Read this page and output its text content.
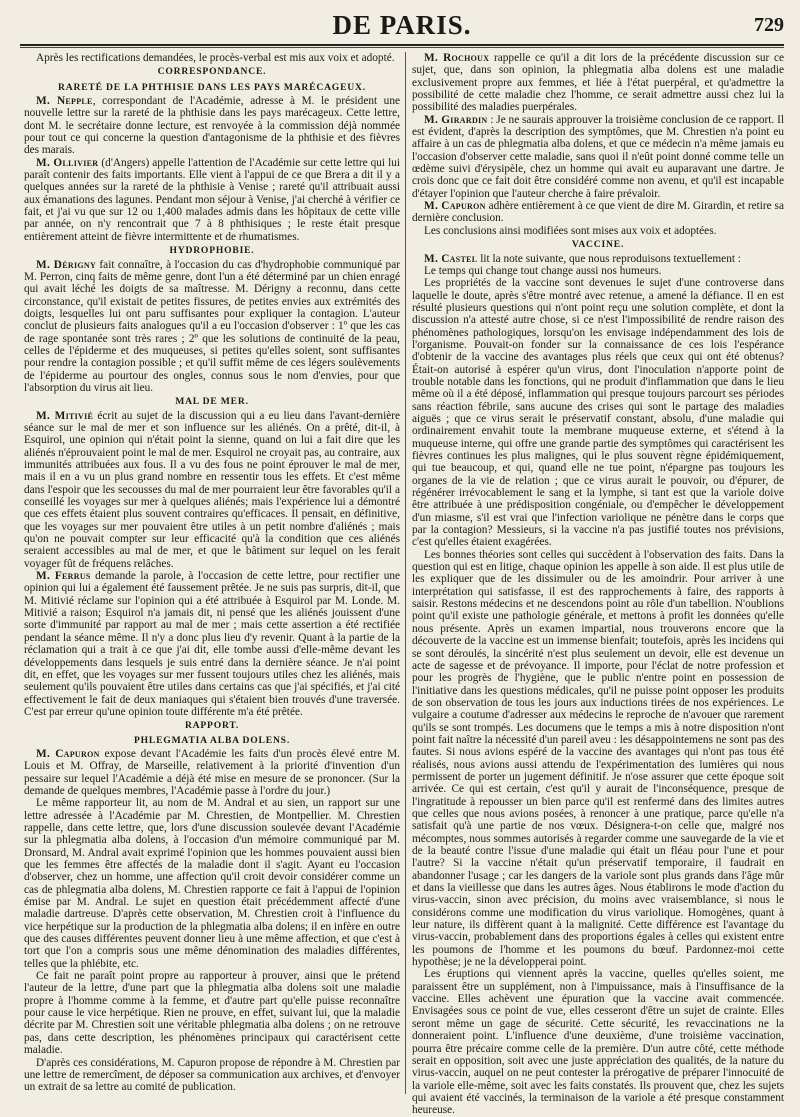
DE PARIS.	729

Après les rectifications demandées, le procès-verbal est mis aux voix et adopté.

CORRESPONDANCE.
RARETÉ DE LA PHTHISIE DANS LES PAYS MARÉCAGEUX.

M. Nepple, correspondant de l'Académie, adresse à M. le président une nouvelle lettre sur la rareté de la phthisie dans les pays marécageux. Cette lettre, dont M. le secrétaire donne lecture, est renvoyée à la commission déjà nommée pour tout ce qui concerne la question d'antagonisme de la phthisie et des fièvres des marais.

M. Ollivier (d'Angers) appelle l'attention de l'Académie sur cette lettre qui lui paraît contenir des faits importants. Elle vient à l'appui de ce que Brera a dit il y a quelques années sur la rareté de la phthisie à Venise ; rareté qu'il attribuait aussi aux émanations des lagunes. Pendant mon séjour à Venise, j'ai cherché à vérifier ce fait, et j'ai vu que sur 12 ou 1,400 malades admis dans les hôpitaux de cette ville par année, on n'y rencontrait que 7 à 8 phthisiques ; le reste était presque entièrement atteint de fièvre intermittente et de rhumatismes.

HYDROPHOBIE.

M. Dérigny fait connaître, à l'occasion du cas d'hydrophobie communiqué par M. Perron, cinq faits de même genre, dont l'un a été déterminé par un chien enragé qui avait léché les doigts de sa maîtresse. M. Dérigny a reconnu, dans cette circonstance, qu'il existait de petites fissures, de petites envies aux extrémités des doigts, lesquelles lui ont paru suffisantes pour expliquer la contagion. L'auteur conclut de plusieurs faits analogues qu'il a eu l'occasion d'observer : 1º que les cas de rage spontanée sont très rares ; 2º que les solutions de continuité de la peau, celles de l'épiderme et des muqueuses, si petites qu'elles soient, sont suffisantes pour rendre la contagion possible ; et qu'il suffit même de ces légers soulèvements de l'épiderme au pourtour des ongles, connus sous le nom d'envies, pour que l'absorption du virus ait lieu.

MAL DE MER.

M. Mitivié écrit au sujet de la discussion qui a eu lieu dans l'avant-dernière séance sur le mal de mer et son influence sur les aliénés. On a prêté, dit-il, à Esquirol, une opinion qui n'était point la sienne, quand on lui a fait dire que les aliénés n'éprouvaient point le mal de mer. Esquirol ne croyait pas, au contraire, aux immunités attribuées aux fous. Il a vu des fous ne point éprouver le mal de mer, mais il en a vu un plus grand nombre en ressentir tous les effets. Et c'est même dans l'espoir que les secousses du mal de mer pourraient leur être favorables qu'il a conseillé les voyages sur mer à quelques aliénés; mais l'expérience lui a démontré que ces effets étaient plus souvent contraires qu'efficaces. Il pensait, en définitive, que les voyages sur mer pouvaient être utiles à un petit nombre d'aliénés ; mais qu'on ne pouvait compter sur leur efficacité qu'à la condition que ces aliénés seraient accessibles au mal de mer, et que le bâtiment sur lequel on les ferait voyager fût de fréquens relâches.

M. Ferrus demande la parole, à l'occasion de cette lettre, pour rectifier une opinion qui lui a également été faussement prêtée. Je ne suis pas surpris, dit-il, que M. Mitivié réclame sur l'opinion qui a été attribuée à Esquirol par M. Londe. M. Mitivié a raison; Esquirol n'a jamais dit, ni pensé que les aliénés jouissent d'une sorte d'immunité par rapport au mal de mer ; mais cette assertion a été rectifiée pendant la séance même. Il n'y a donc plus lieu d'y revenir. Quant à la partie de la réclamation qui a trait à ce que j'ai dit, elle tombe aussi d'elle-même devant les développements dans lesquels je suis entré dans la dernière séance. Je n'ai point dit, en effet, que les voyages sur mer fussent toujours utiles chez les aliénés, mais seulement qu'ils pouvaient être utiles dans certains cas que j'ai spécifiés, et j'ai cité effectivement le fait de deux maniaques qui s'étaient bien trouvés d'une traversée. C'est par erreur qu'une opinion toute différente m'a été prêtée.

RAPPORT.
PHLEGMATIA ALBA DOLENS.

M. Capuron expose devant l'Académie les faits d'un procès élevé entre M. Louis et M. Offray, de Marseille, relativement à la priorité d'invention d'un pessaire sur lequel l'Académie a déjà été mise en mesure de se prononcer. (Sur la demande de quelques membres, l'Académie passe à l'ordre du jour.)

Le même rapporteur lit, au nom de M. Andral et au sien, un rapport sur une lettre adressée à l'Académie par M. Chrestien, de Montpellier. M. Chrestien rappelle, dans cette lettre, que, lors d'une discussion soulevée devant l'Académie sur la phlegmatia alba dolens, à l'occasion d'un mémoire communiqué par M. Dronsard, M. Andral avait exprimé l'opinion que les hommes pouvaient aussi bien que les femmes être affectés de la maladie dont il s'agit. Ayant eu l'occasion d'observer, chez un homme, une affection qu'il croit devoir considérer comme un cas de phlegmatia alba dolens, M. Chrestien rapporte ce fait à l'appui de l'opinion émise par M. Andral. Le sujet en question était précédemment affecté d'une maladie dartreuse. D'après cette observation, M. Chrestien croit à l'influence du vice herpétique sur la production de la phlegmatia alba dolens; il en infère en outre que des causes différentes peuvent donner lieu à une même affection, et que c'est à tort que l'on a compris sous une même dénomination des maladies différentes, telles que la phlébite, etc.

Ce fait ne paraît point propre au rapporteur à prouver, ainsi que le prétend l'auteur de la lettre, d'une part que la phlegmatia alba dolens soit une maladie propre à l'homme comme à la femme, et d'autre part qu'elle puisse reconnaître pour cause le vice herpétique. Rien ne prouve, en effet, suivant lui, que la maladie décrite par M. Chrestien soit une véritable phlegmatia alba dolens ; on ne retrouve pas, dans cette description, les phénomènes principaux qui caractérisent cette maladie.

D'après ces considérations, M. Capuron propose de répondre à M. Chrestien par une lettre de remercîment, de déposer sa communication aux archives, et d'envoyer un extrait de sa lettre au comité de publication.

M. Rochoux rappelle ce qu'il a dit lors de la précédente discussion sur ce sujet, que, dans son opinion, la phlegmatia alba dolens est une maladie exclusivement propre aux femmes, et liée à l'état puerpéral, et qu'admettre la possibilité de cette maladie chez l'homme, ce serait admettre aussi chez lui la possibilité des maladies puerpérales.

M. Girardin : Je ne saurais approuver la troisième conclusion de ce rapport. Il est évident, d'après la description des symptômes, que M. Chrestien n'a point eu affaire à un cas de phlegmatia alba dolens, et que ce médecin n'a même jamais eu l'occasion d'observer cette maladie, sans quoi il n'eût point donné comme telle un œdème suivi d'érysipèle, chez un homme qui avait eu auparavant une dartre. Je crois donc que ce fait doit être considéré comme non avenu, et qu'il est incapable d'étayer l'opinion que l'auteur cherche à faire prévaloir.

M. Capuron adhère entièrement à ce que vient de dire M. Girardin, et retire sa dernière conclusion.

Les conclusions ainsi modifiées sont mises aux voix et adoptées.

VACCINE.

M. Castel lit la note suivante, que nous reproduisons textuellement :

Le temps qui change tout change aussi nos humeurs.

Les propriétés de la vaccine sont devenues le sujet d'une controverse dans laquelle le doute, après s'être montré avec retenue, a amené la défiance. Il en est résulté plusieurs questions qui n'ont point reçu une solution complète, et dont la discussion n'a attesté autre chose, si ce n'est l'impossibilité de rendre raison des phénomènes pathologiques, lorsqu'on les envisage indépendamment des lois de l'organisme. Pouvait-on fonder sur la connaissance de ces lois l'espérance d'obtenir de la vaccine des avantages plus réels que ceux qui ont été obtenus? Était-on autorisé à espérer qu'un virus, dont l'inoculation n'apporte point de trouble notable dans les fonctions, qui ne produit d'inflammation que dans le lieu même où il a été déposé, inflammation qui presque toujours parcourt ses périodes sans réaction fébrile, sans aucune des crises qui sont le partage des maladies aiguës ; que ce virus serait le préservatif constant, absolu, d'une maladie qui ordinairement envahit toute la membrane muqueuse externe, et s'étend à la muqueuse interne, qui offre une grande partie des symptômes qui caractérisent les fièvres continues les plus malignes, qui le plus souvent règne épidémiquement, qui tue beaucoup, et qui, quand elle ne tue point, n'épargne pas toujours les organes de la vie de relation ; que ce virus aurait le pouvoir, ou d'épurer, de régénérer irrévocablement le sang et la lymphe, si tant est que la variole doive être attribuée à une prédisposition congéniale, ou d'empêcher le développement d'un miasme, s'il est vrai que l'infection variolique ne pénètre dans le corps que par la contagion? Messieurs, si la vaccine n'a pas justifié toutes nos prévisions, c'est qu'elles étaient exagérées.

Les bonnes théories sont celles qui succèdent à l'observation des faits. Dans la question qui est en litige, chaque opinion les appelle à son aide. Il est plus utile de les expliquer que de les dissimuler ou de les amoindrir. Pour arriver à une interprétation qui satisfasse, il est des rapprochements à faire, des rapports à saisir. Restons médecins et ne descendons point au rôle d'un tabellion. N'oublions point qu'il existe une pathologie générale, et mettons à profit les données qu'elle nous présente. Après un examen impartial, nous trouverons encore que la découverte de la vaccine est un immense bienfait; toutefois, après les incidens qui se sont déroulés, la sincérité n'est plus seulement un devoir, elle est devenue un acte de sagesse et de prévoyance. Il importe, pour l'éclat de notre profession et pour les progrès de l'hygiène, que le public n'entre point en possession de l'initiative dans les questions médicales, qu'il ne puisse point opposer les produits de son observation de tous les jours aux inductions tirées de nos expériences. Le vulgaire a coutume d'adresser aux médecins le reproche de n'avouer que rarement qu'ils se sont trompés. Les documens que le temps a mis à notre disposition n'ont point fait naître la nécessité d'un pareil aveu : les désappointemens ne sont pas des fautes. Si nous avions espéré de la vaccine des avantages qui n'ont pas tous été réalisés, nous avions aussi attendu de l'expérimentation des lumières qui nous permissent de porter un jugement définitif. Je n'ose assurer que cette époque soit arrivée. Ce qui est certain, c'est qu'il y aurait de l'inconséquence, presque de l'ingratitude à repousser un bien parce qu'il est renfermé dans des limites autres que celles que nous avions posées, à renoncer à une pratique, parce qu'elle n'a satisfait qu'à une partie de nos vœux. Désignera-t-on celle que, malgré nos mécomptes, nous sommes autorisés à regarder comme une sauvegarde de la vie et de la beauté contre l'issue d'une maladie qui était un fléau pour l'une et pour l'autre? Si la vaccine n'était qu'un préservatif temporaire, il faudrait en abandonner l'usage ; car les dangers de la variole sont plus grands dans l'âge mûr et dans la vieillesse que dans les autres âges. Nous établirons le mode d'action du virus-vaccin, sinon avec précision, du moins avec vraisemblance, si nous le considérons comme une modification du virus variolique. Homogènes, quant à leur nature, ils diffèrent quant à la malignité. Cette différence est l'avantage du virus-vaccin, probablement dans des proportions égales à celles qui existent entre les poumons de l'homme et les poumons du bœuf. Pardonnez-moi cette hypothèse; je ne la développerai point.

Les éruptions qui viennent après la vaccine, quelles qu'elles soient, me paraissent être un supplément, non à l'impuissance, mais à l'insuffisance de la vaccine. Elles achèvent une épuration que la vaccine avait commencée. Envisagées sous ce point de vue, elles cesseront d'être un sujet de crainte. Elles seront même un gage de sécurité. Cette sécurité, les revaccinations ne la donneraient point. L'influence d'une deuxième, d'une troisième vaccination, pourra être précaire comme celle de la première. D'un autre côté, cette méthode serait en opposition, soit avec une juste appréciation des qualités, de la nature du virus-vaccin, auquel on ne peut contester la prérogative de préparer l'innocuité de la variole elle-même, soit avec les faits constatés. Ils prouvent que, chez les sujets qui avaient été vaccinés, la terminaison de la variole a été presque constamment heureuse.
